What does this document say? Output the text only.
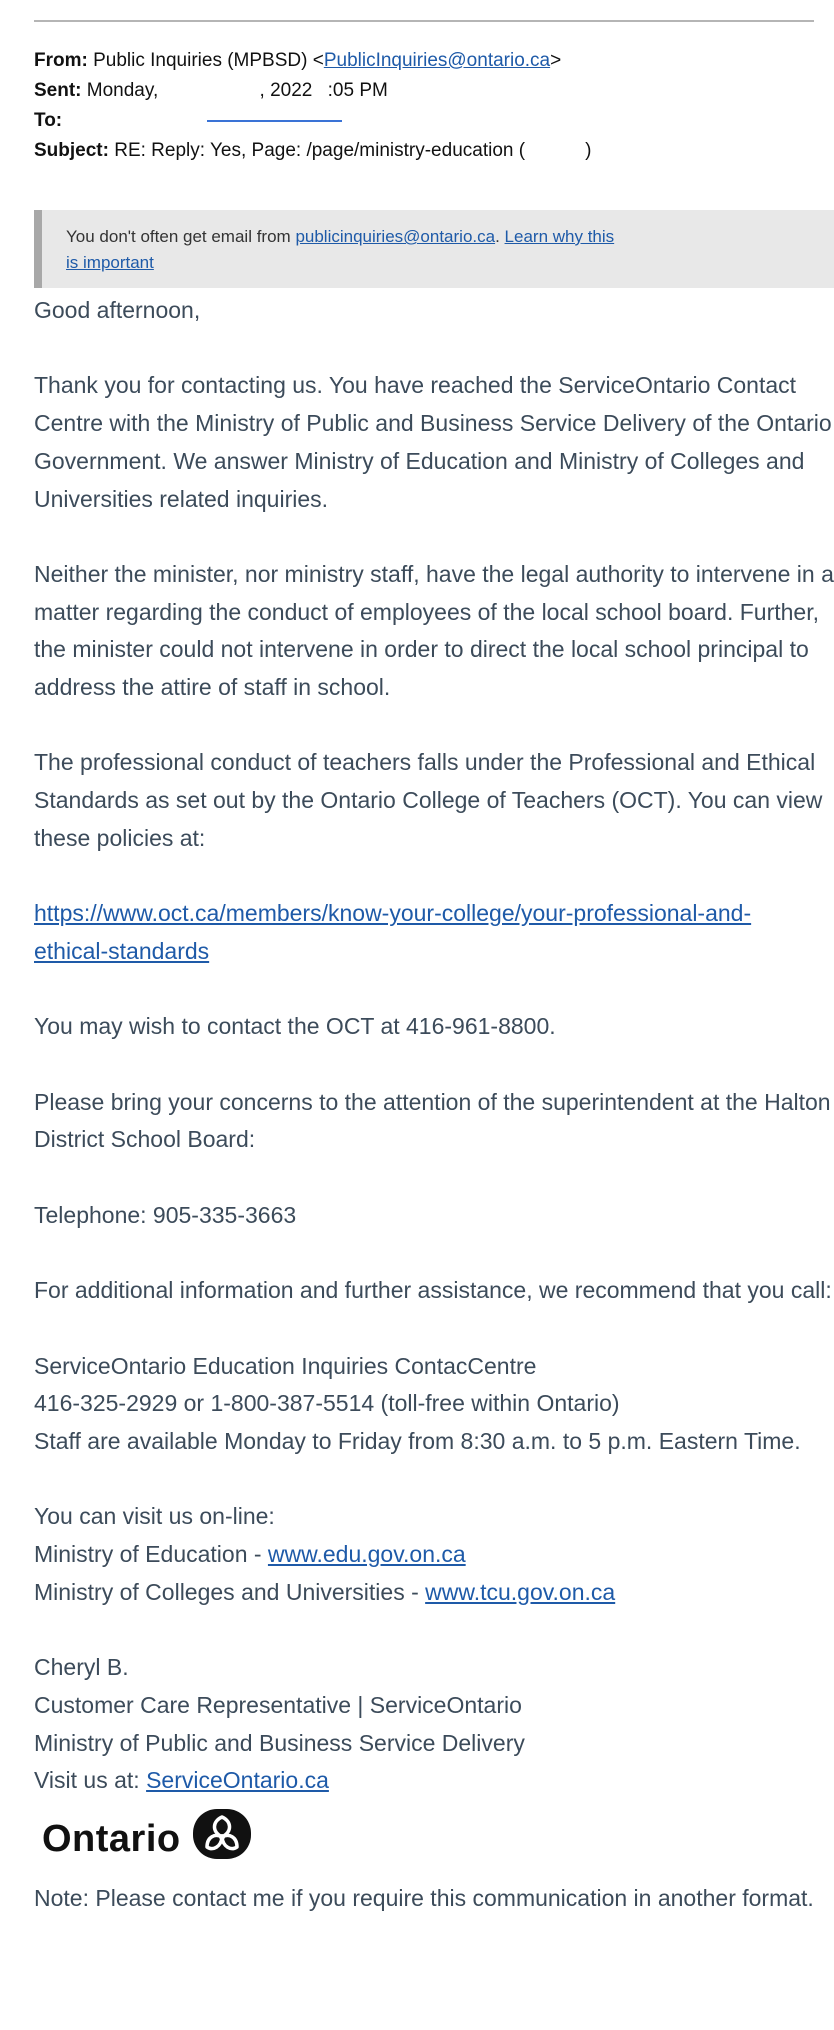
From: Public Inquiries (MPBSD) <PublicInquiries@ontario.ca>
Sent: Monday,	, 2022 :05 PM
To:
Subject: RE: Reply: Yes, Page: /page/ministry-education (	)
You don't often get email from publicinquiries@ontario.ca. Learn why this
is important

Good afternoon,

Thank you for contacting us. You have reached the ServiceOntario Contact Centre with the Ministry of Public and Business Service Delivery of the Ontario Government. We answer Ministry of Education and Ministry of Colleges and Universities related inquiries.

Neither the minister, nor ministry staff, have the legal authority to intervene in a matter regarding the conduct of employees of the local school board. Further, the minister could not intervene in order to direct the local school principal to address the attire of staff in school.

The professional conduct of teachers falls under the Professional and Ethical Standards as set out by the Ontario College of Teachers (OCT). You can view these policies at:

https://www.oct.ca/members/know-your-college/your-professional-and-
ethical-standards

You may wish to contact the OCT at 416-961-8800.

Please bring your concerns to the attention of the superintendent at the Halton District School Board:

Telephone: 905-335-3663

For additional information and further assistance, we recommend that you call:

ServiceOntario Education Inquiries ContacCentre

416-325-2929 or 1-800-387-5514 (toll-free within Ontario)

Staff are available Monday to Friday from 8:30 a.m. to 5 p.m. Eastern Time.

You can visit us on-line:

Ministry of Education - www.edu.gov.on.ca

Ministry of Colleges and Universities - www.tcu.gov.on.ca

Cheryl B.

Customer Care Representative | ServiceOntario

Ministry of Public and Business Service Delivery

Visit us at: ServiceOntario.ca

Ontario

Note: Please contact me if you require this communication in another format.
